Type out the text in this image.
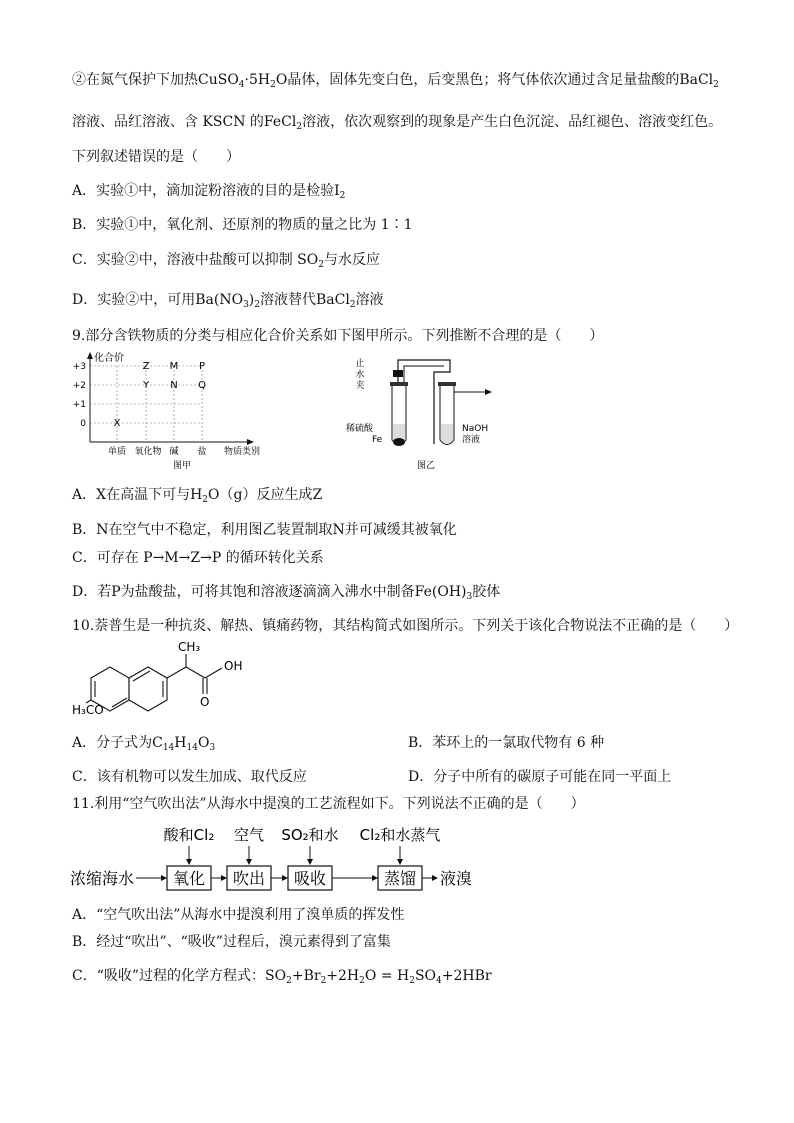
②在氮气保护下加热$CuSO_4\cdot 5H_2O$晶体，固体先变白色，后变黑色；将气体依次通过含足量盐酸的BaCl$_2$
溶液、品红溶液、含 KSCN 的FeCl$_2$溶液，依次观察到的现象是产生白色沉淀、品红褪色、溶液变红色。
下列叙述错误的是（　　）
A．实验①中，滴加淀粉溶液的目的是检验$I_2$
B．实验①中，氧化剂、还原剂的物质的量之比为 1∶1
C．实验②中，溶液中盐酸可以抑制 $SO_2$与水反应
D．实验②中，可用$Ba(NO_3)_2$溶液替代BaCl$_2$溶液
9.部分含铁物质的分类与相应化合价关系如下图甲所示。下列推断不合理的是（　　）
化合价
+3
+2
+1
0	X
Z M P
Y N Q
单质 氧化物 碱 盐 物质类别
图甲
止
水
夹
稀硫酸
Fe
NaOH
溶液
图乙
A．X在高温下可与$H_2O(g)$反应生成Z
B．N在空气中不稳定，利用图乙装置制取N并可减缓其被氧化
C．可存在 P→M→Z→P 的循环转化关系
D．若P为盐酸盐，可将其饱和溶液逐滴滴入沸水中制备$Fe(OH)_3$胶体
10.萘普生是一种抗炎、解热、镇痛药物，其结构简式如图所示。下列关于该化合物说法不正确的是（　　）
CH₃
OH
O
H₃CO
A．分子式为$C_{14}H_{14}O_3$	B．苯环上的一氯取代物有 6 种
C．该有机物可以发生加成、取代反应	D．分子中所有的碳原子可能在同一平面上
11.利用“空气吹出法”从海水中提溴的工艺流程如下。下列说法不正确的是（　　）
酸和Cl₂ 空气 SO₂和水 Cl₂和水蒸气
浓缩海水 氧化 吹出 吸收	蒸馏 液溴
A．“空气吹出法”从海水中提溴利用了溴单质的挥发性
B．经过“吹出”、“吸收”过程后，溴元素得到了富集
C．“吸收”过程的化学方程式：$SO_2+Br_2+2H_2O = H_2SO_4+2HBr$
